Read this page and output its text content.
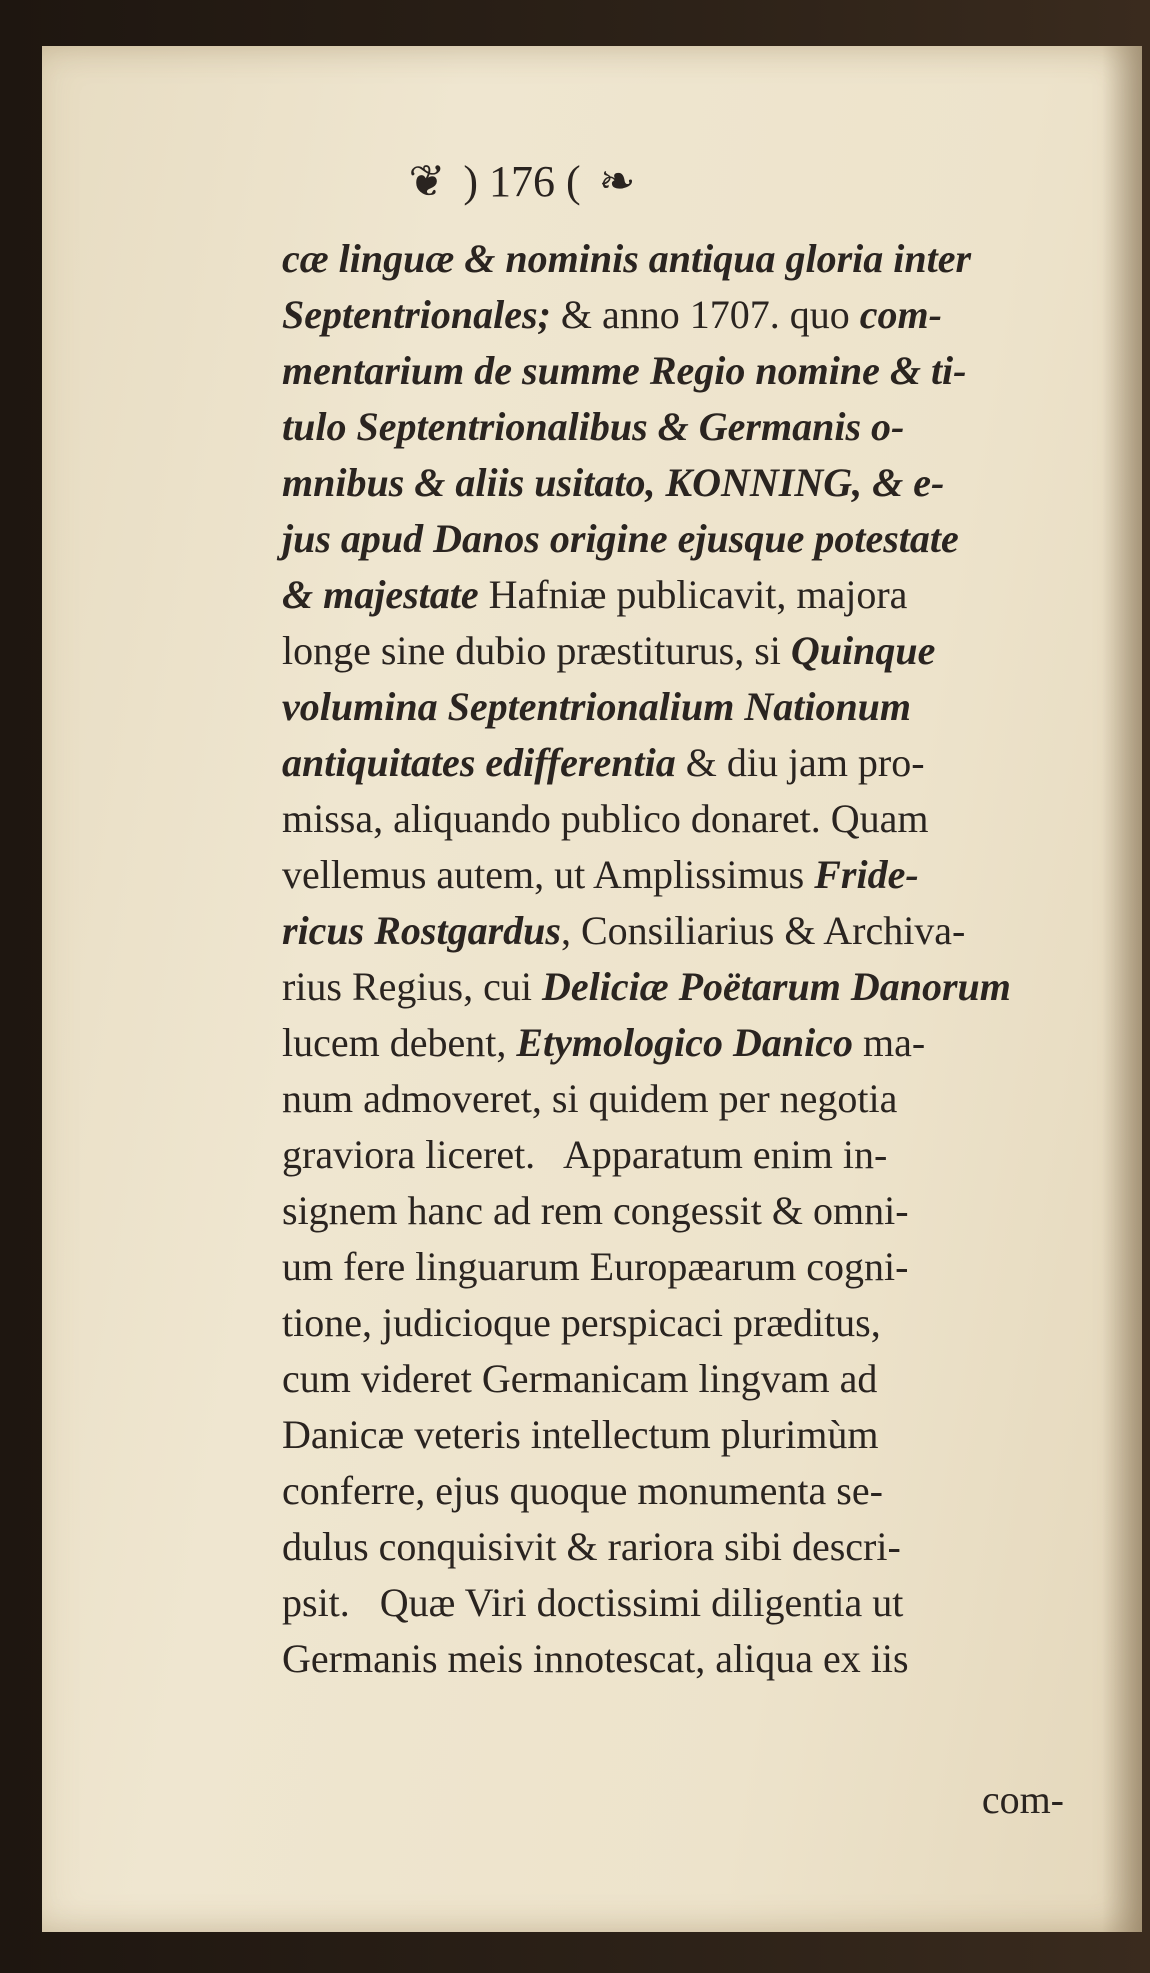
❦ ) 176 ( ❧
cæ linguæ & nominis antiqua gloria inter
Septentrionales; & anno 1707. quo com-
mentarium de summe Regio nomine & ti-
tulo Septentrionalibus & Germanis o-
mnibus & aliis usitato, KONNING, & e-
jus apud Danos origine ejusque potestate
& majestate Hafniæ publicavit, majora
longe sine dubio præstiturus, si Quinque
volumina Septentrionalium Nationum
antiquitates edifferentia & diu jam pro-
missa, aliquando publico donaret. Quam
vellemus autem, ut Amplissimus Fride-
ricus Rostgardus, Consiliarius & Archiva-
rius Regius, cui Deliciæ Poëtarum Danorum
lucem debent, Etymologico Danico ma-
num admoveret, si quidem per negotia
graviora liceret.   Apparatum enim in-
signem hanc ad rem congessit & omni-
um fere linguarum Europæarum cogni-
tione, judicioque perspicaci præditus,
cum videret Germanicam lingvam ad
Danicæ veteris intellectum plurimùm
conferre, ejus quoque monumenta se-
dulus conquisivit & rariora sibi descri-
psit.   Quæ Viri doctissimi diligentia ut
Germanis meis innotescat, aliqua ex iis
com-
